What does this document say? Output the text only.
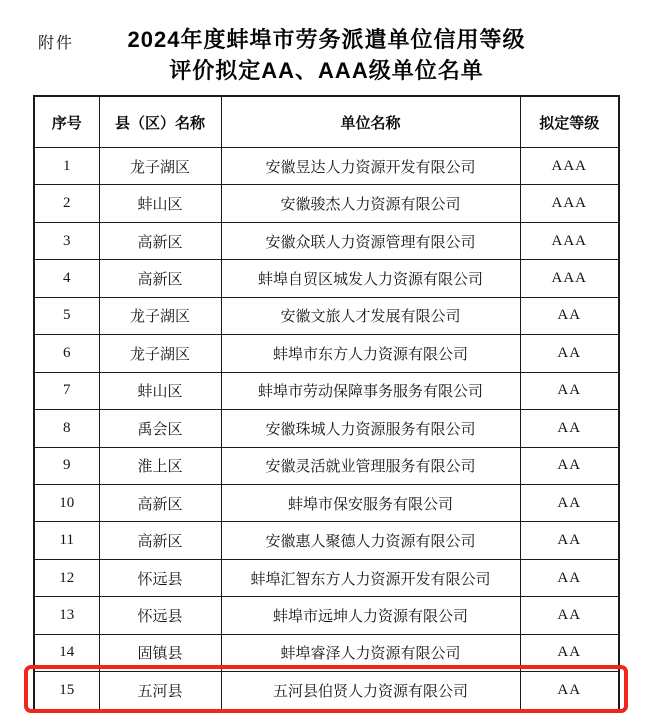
附件	2024年度蚌埠市劳务派遣单位信用等级
评价拟定AA、AAA级单位名单
序号	县（区）名称	单位名称	拟定等级
1	龙子湖区	安徽昱达人力资源开发有限公司	AAA
2	蚌山区	安徽骏杰人力资源有限公司	AAA
3	高新区	安徽众联人力资源管理有限公司	AAA
4	高新区	蚌埠自贸区城发人力资源有限公司	AAA
5	龙子湖区	安徽文旅人才发展有限公司	AA
6	龙子湖区	蚌埠市东方人力资源有限公司	AA
7	蚌山区	蚌埠市劳动保障事务服务有限公司	AA
8	禹会区	安徽珠城人力资源服务有限公司	AA
9	淮上区	安徽灵活就业管理服务有限公司	AA
10	高新区	蚌埠市保安服务有限公司	AA
11	高新区	安徽惠人聚德人力资源有限公司	AA
12	怀远县	蚌埠汇智东方人力资源开发有限公司	AA
13	怀远县	蚌埠市远坤人力资源有限公司	AA
14	固镇县	蚌埠睿泽人力资源有限公司	AA
15	五河县	五河县伯贤人力资源有限公司	AA
